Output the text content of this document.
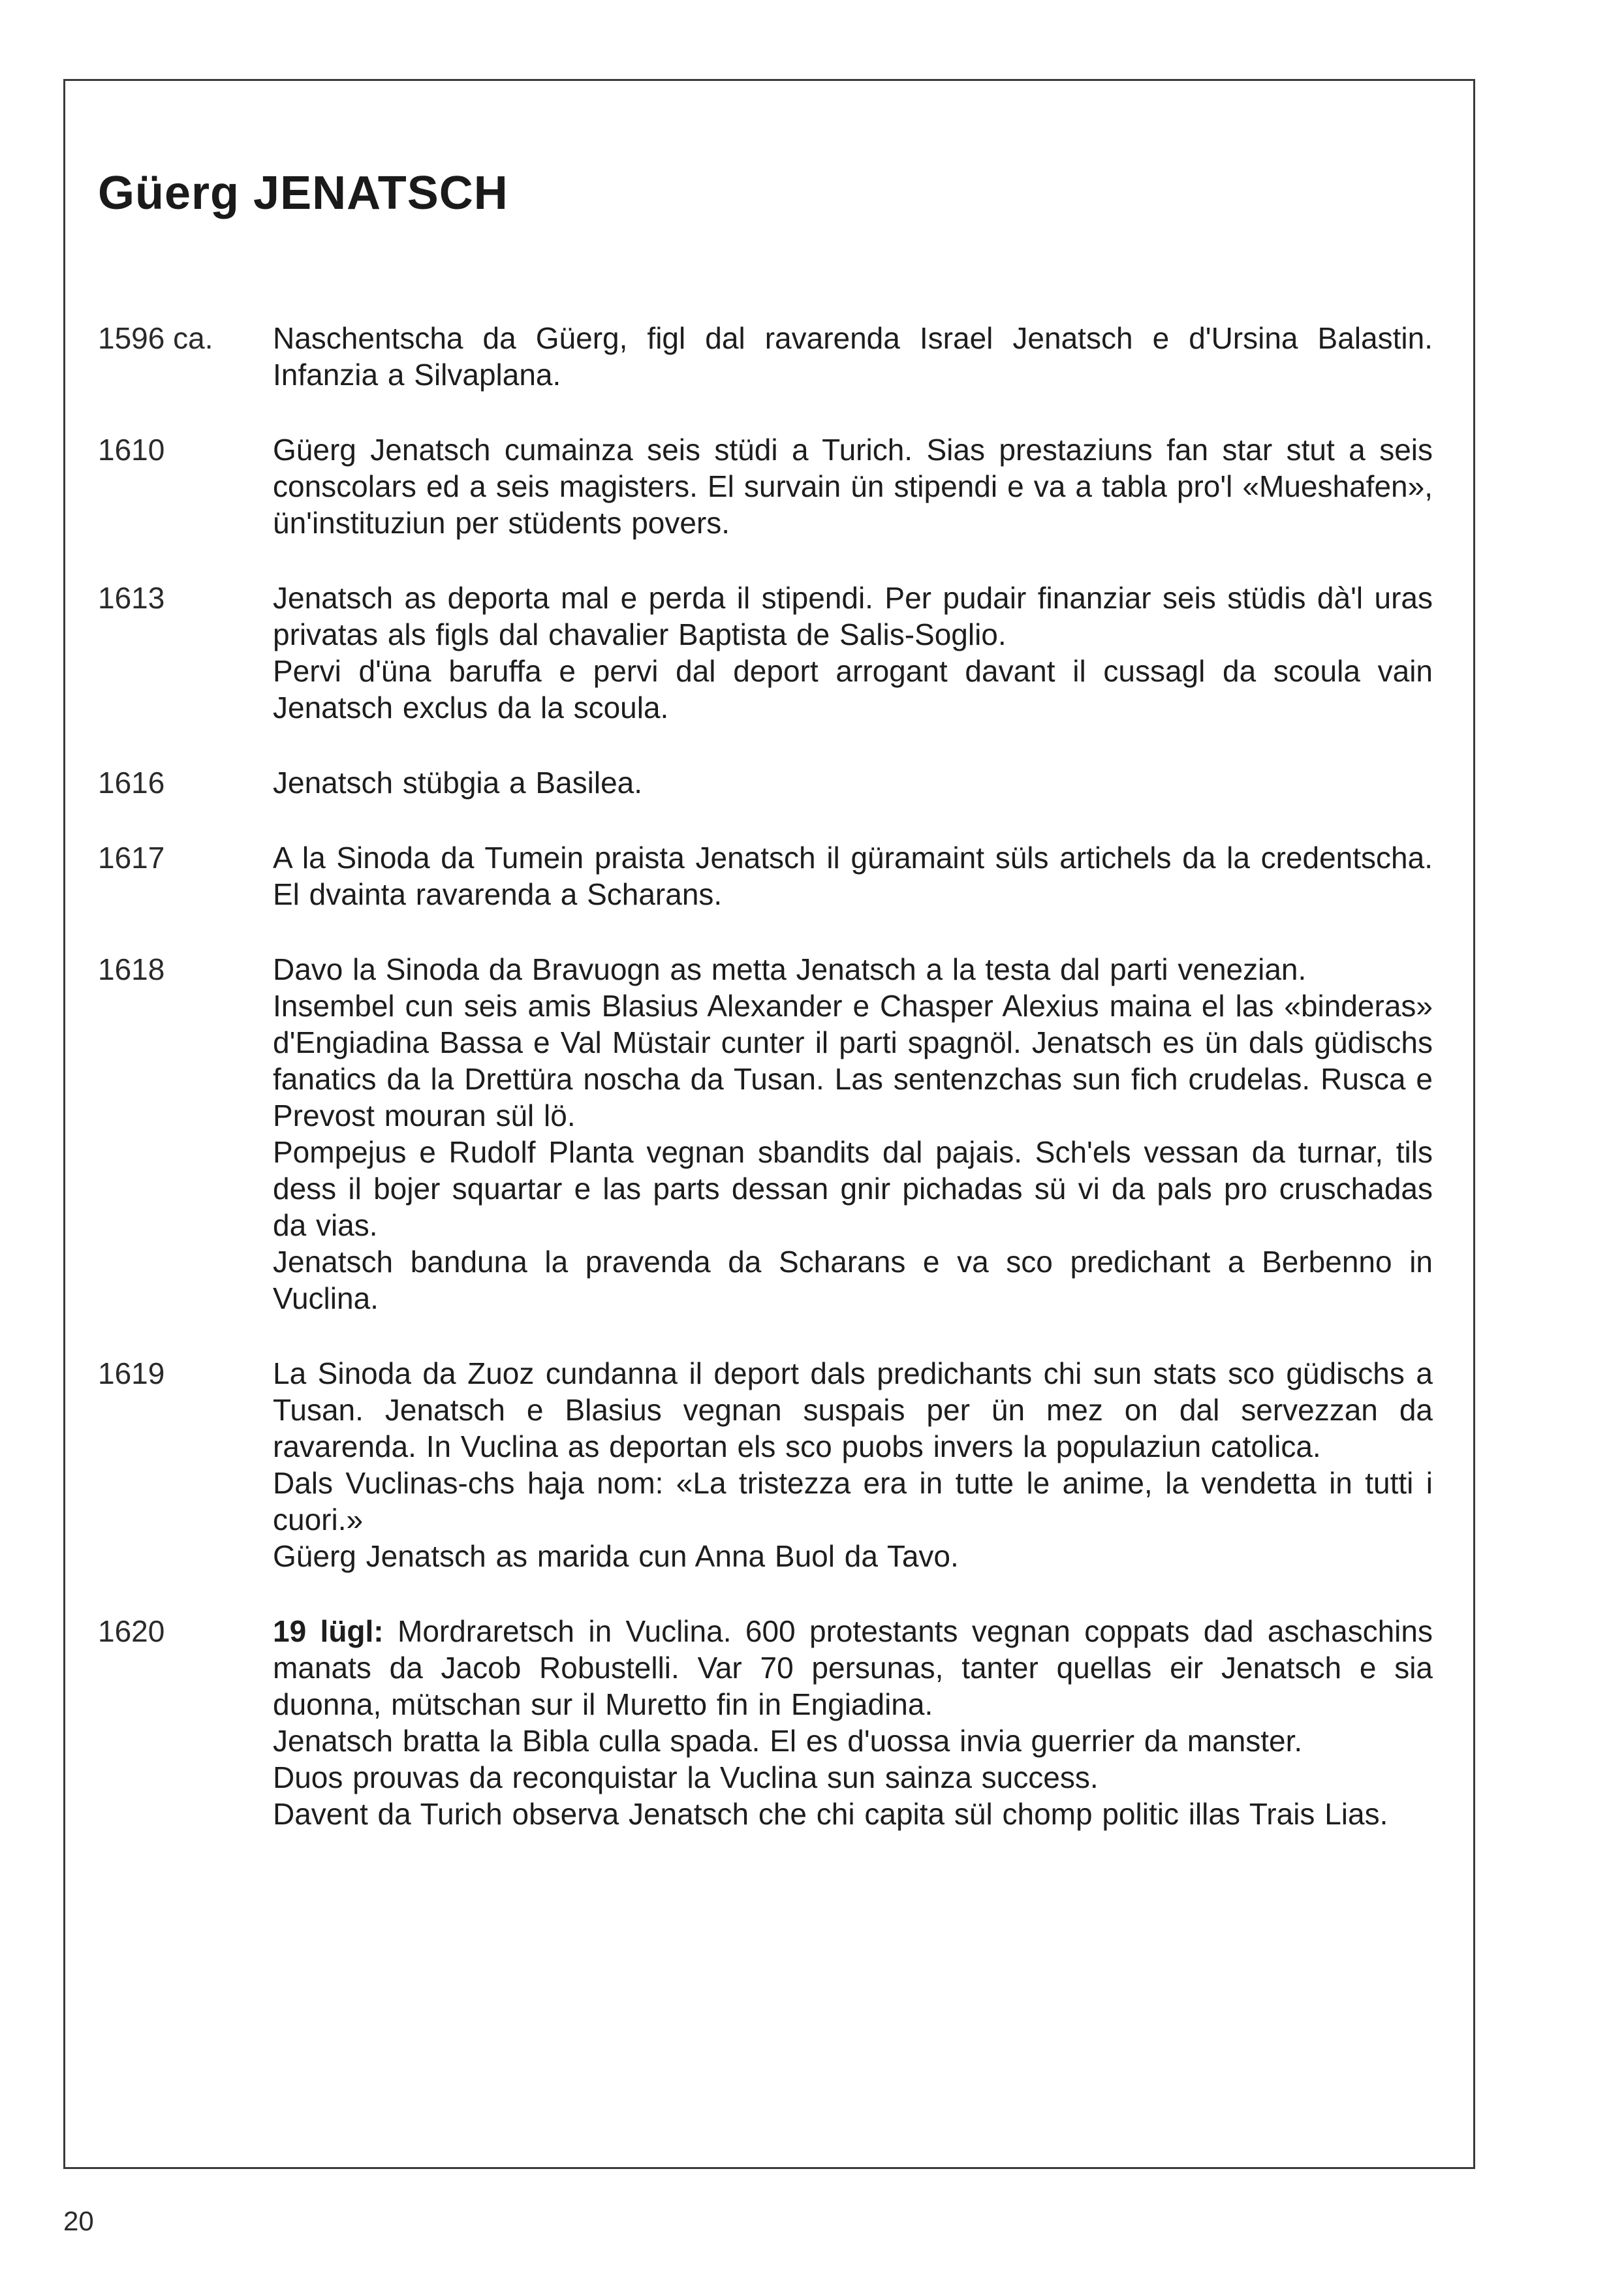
Güerg JENATSCH
1596 ca.	Naschentscha da Güerg, figl dal ravarenda Israel Jenatsch e d'Ursina Balastin. Infanzia a Silvaplana.

1610	Güerg Jenatsch cumainza seis stüdi a Turich. Sias prestaziuns fan star stut a seis conscolars ed a seis magisters. El survain ün stipendi e va a tabla pro'l «Mueshafen», ün'instituziun per stüdents povers.

1613	Jenatsch as deporta mal e perda il stipendi. Per pudair finanziar seis stüdis dà'l uras privatas als figls dal chavalier Baptista de Salis-Soglio.

Pervi d'üna baruffa e pervi dal deport arrogant davant il cussagl da scoula vain Jenatsch exclus da la scoula.

1616	Jenatsch stübgia a Basilea.

1617	A la Sinoda da Tumein praista Jenatsch il güramaint süls artichels da la credentscha. El dvainta ravarenda a Scharans.

1618	Davo la Sinoda da Bravuogn as metta Jenatsch a la testa dal parti venezian.

Insembel cun seis amis Blasius Alexander e Chasper Alexius maina el las «binderas» d'Engiadina Bassa e Val Müstair cunter il parti spagnöl. Jenatsch es ün dals güdischs fanatics da la Drettüra noscha da Tusan. Las sentenzchas sun fich crudelas. Rusca e Prevost mouran sül lö.

Pompejus e Rudolf Planta vegnan sbandits dal pajais. Sch'els vessan da turnar, tils dess il bojer squartar e las parts dessan gnir pichadas sü vi da pals pro cruschadas da vias.

Jenatsch banduna la pravenda da Scharans e va sco predichant a Berbenno in Vuclina.

1619	La Sinoda da Zuoz cundanna il deport dals predichants chi sun stats sco güdischs a Tusan. Jenatsch e Blasius vegnan suspais per ün mez on dal servezzan da ravarenda. In Vuclina as deportan els sco puobs invers la populaziun catolica.

Dals Vuclinas-chs haja nom: «La tristezza era in tutte le anime, la vendetta in tutti i cuori.»

Güerg Jenatsch as marida cun Anna Buol da Tavo.

1620	19 lügl: Mordraretsch in Vuclina. 600 protestants vegnan coppats dad aschaschins manats da Jacob Robustelli. Var 70 persunas, tanter quellas eir Jenatsch e sia duonna, mütschan sur il Muretto fin in Engiadina.

Jenatsch bratta la Bibla culla spada. El es d'uossa invia guerrier da manster.

Duos prouvas da reconquistar la Vuclina sun sainza success.

Davent da Turich observa Jenatsch che chi capita sül chomp politic illas Trais Lias.

20
